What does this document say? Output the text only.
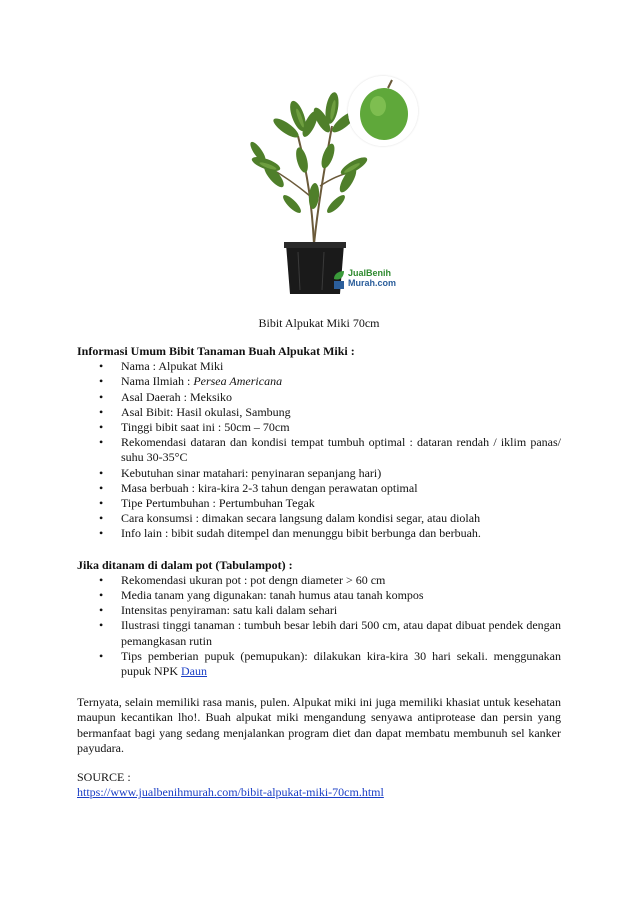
JualBenih
Murah.com
Bibit Alpukat Miki 70cm

Informasi Umum Bibit Tanaman Buah Alpukat Miki :

• Nama : Alpukat Miki
• Nama Ilmiah : Persea Americana
• Asal Daerah : Meksiko
• Asal Bibit: Hasil okulasi, Sambung
• Tinggi bibit saat ini : 50cm – 70cm
• Rekomendasi dataran dan kondisi tempat tumbuh optimal : dataran rendah / iklim panas/ suhu 30-35°C
• Kebutuhan sinar matahari: penyinaran sepanjang hari)
• Masa berbuah : kira-kira 2-3 tahun dengan perawatan optimal
• Tipe Pertumbuhan : Pertumbuhan Tegak
• Cara konsumsi : dimakan secara langsung dalam kondisi segar, atau diolah
• Info lain : bibit sudah ditempel dan menunggu bibit berbunga dan berbuah.

Jika ditanam di dalam pot (Tabulampot) :

• Rekomendasi ukuran pot : pot dengn diameter > 60 cm
• Media tanam yang digunakan: tanah humus atau tanah kompos
• Intensitas penyiraman: satu kali dalam sehari
• Ilustrasi tinggi tanaman : tumbuh besar lebih dari 500 cm, atau dapat dibuat pendek dengan pemangkasan rutin
• Tips pemberian pupuk (pemupukan): dilakukan kira-kira 30 hari sekali. menggunakan pupuk NPK Daun

Ternyata, selain memiliki rasa manis, pulen. Alpukat miki ini juga memiliki khasiat untuk kesehatan maupun kecantikan lho!. Buah alpukat miki mengandung senyawa antiprotease dan persin yang bermanfaat bagi yang sedang menjalankan program diet dan dapat membatu membunuh sel kanker payudara.

SOURCE :

https://www.jualbenihmurah.com/bibit-alpukat-miki-70cm.html
